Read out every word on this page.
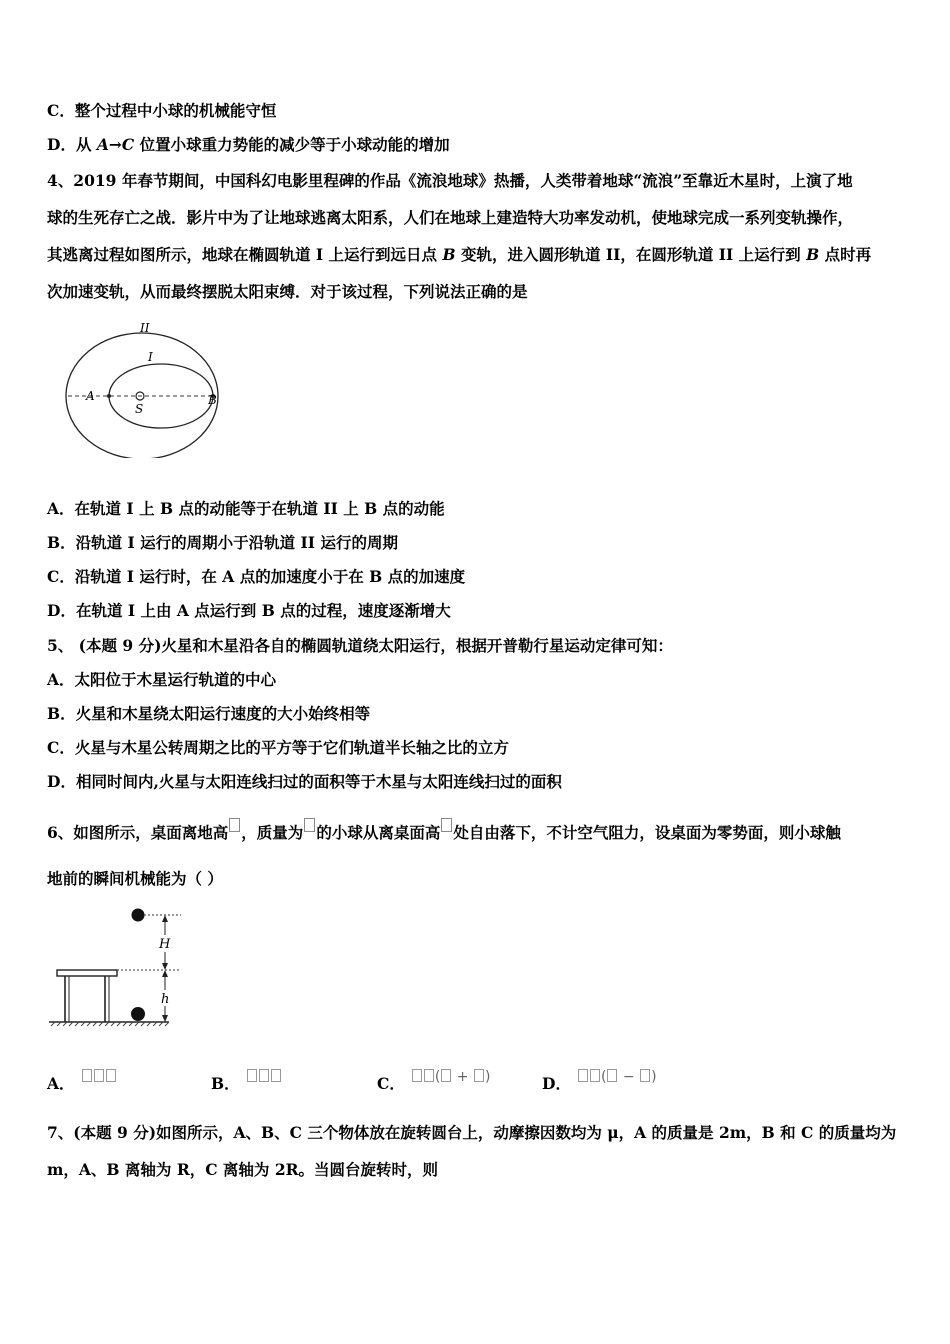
C．整个过程中小球的机械能守恒
D．从 A→C 位置小球重力势能的减少等于小球动能的增加
4、2019 年春节期间，中国科幻电影里程碑的作品《流浪地球》热播，人类带着地球“流浪”至靠近木星时，上演了地
球的生死存亡之战．影片中为了让地球逃离太阳系，人们在地球上建造特大功率发动机，使地球完成一系列变轨操作，
其逃离过程如图所示，地球在椭圆轨道 I 上运行到远日点 B 变轨，进入圆形轨道 II，在圆形轨道 II 上运行到 B 点时再
次加速变轨，从而最终摆脱太阳束缚．对于该过程，下列说法正确的是
II
I
A	B
S
A．在轨道 I 上 B 点的动能等于在轨道 II 上 B 点的动能
B．沿轨道 I 运行的周期小于沿轨道 II 运行的周期
C．沿轨道 I 运行时，在 A 点的加速度小于在 B 点的加速度
D．在轨道 I 上由 A 点运行到 B 点的过程，速度逐渐增大
5、 (本题 9 分)火星和木星沿各自的椭圆轨道绕太阳运行，根据开普勒行星运动定律可知：
A．太阳位于木星运行轨道的中心
B．火星和木星绕太阳运行速度的大小始终相等
C．火星与木星公转周期之比的平方等于它们轨道半长轴之比的立方
D．相同时间内,火星与太阳连线扫过的面积等于木星与太阳连线扫过的面积
6、如图所示，桌面离地高 ，质量为 的小球从离桌面高 处自由落下，不计空气阻力，设桌面为零势面，则小球触
地前的瞬间机械能为（ ）
H
h
A．	B．	C． ( + )	D． ( − )
7、(本题 9 分)如图所示，A、B、C 三个物体放在旋转圆台上，动摩擦因数均为 μ，A 的质量是 2m，B 和 C 的质量均为
m，A、B 离轴为 R，C 离轴为 2R。当圆台旋转时，则
